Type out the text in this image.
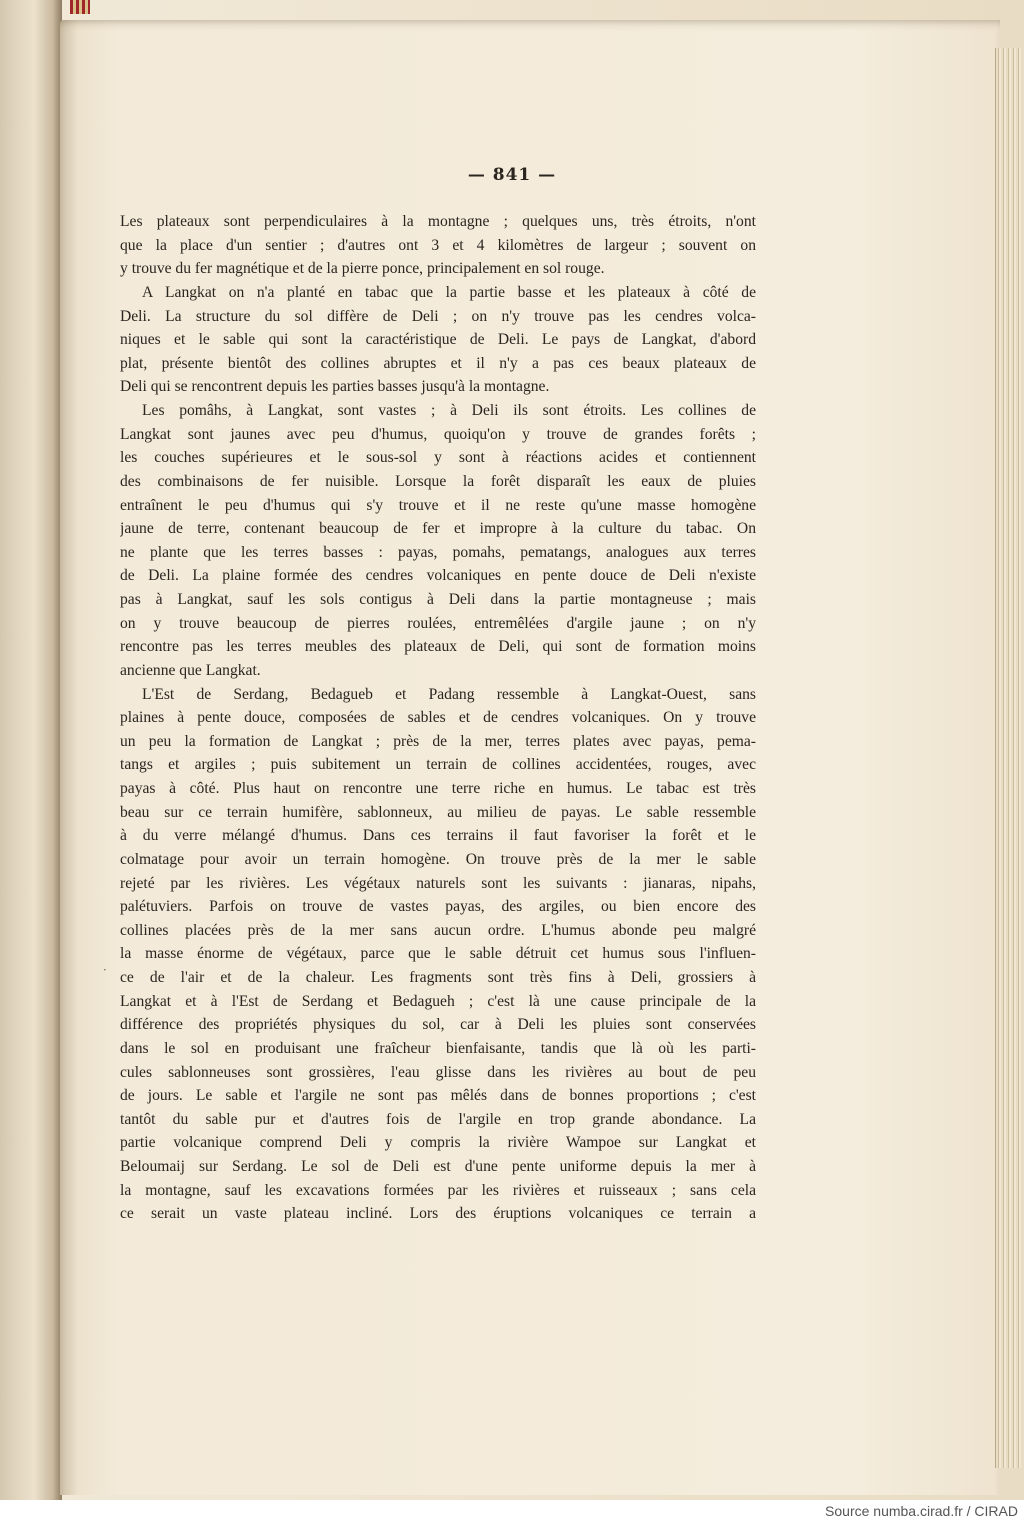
— 841 —
·
Les plateaux sont perpendiculaires à la montagne ; quelques uns, très étroits, n'ont
que la place d'un sentier ; d'autres ont 3 et 4 kilomètres de largeur ; souvent on
y trouve du fer magnétique et de la pierre ponce, principalement en sol rouge.
A Langkat on n'a planté en tabac que la partie basse et les plateaux à côté de
Deli. La structure du sol diffère de Deli ; on n'y trouve pas les cendres volca-
niques et le sable qui sont la caractéristique de Deli. Le pays de Langkat, d'abord
plat, présente bientôt des collines abruptes et il n'y a pas ces beaux plateaux de
Deli qui se rencontrent depuis les parties basses jusqu'à la montagne.
Les pomâhs, à Langkat, sont vastes ; à Deli ils sont étroits. Les collines de
Langkat sont jaunes avec peu d'humus, quoiqu'on y trouve de grandes forêts ;
les couches supérieures et le sous-sol y sont à réactions acides et contiennent
des combinaisons de fer nuisible. Lorsque la forêt disparaît les eaux de pluies
entraînent le peu d'humus qui s'y trouve et il ne reste qu'une masse homogène
jaune de terre, contenant beaucoup de fer et impropre à la culture du tabac. On
ne plante que les terres basses : payas, pomahs, pematangs, analogues aux terres
de Deli. La plaine formée des cendres volcaniques en pente douce de Deli n'existe
pas à Langkat, sauf les sols contigus à Deli dans la partie montagneuse ; mais
on y trouve beaucoup de pierres roulées, entremêlées d'argile jaune ; on n'y
rencontre pas les terres meubles des plateaux de Deli, qui sont de formation moins
ancienne que Langkat.
L'Est de Serdang, Bedagueb et Padang ressemble à Langkat-Ouest, sans
plaines à pente douce, composées de sables et de cendres volcaniques. On y trouve
un peu la formation de Langkat ; près de la mer, terres plates avec payas, pema-
tangs et argiles ; puis subitement un terrain de collines accidentées, rouges, avec
payas à côté. Plus haut on rencontre une terre riche en humus. Le tabac est très
beau sur ce terrain humifère, sablonneux, au milieu de payas. Le sable ressemble
à du verre mélangé d'humus. Dans ces terrains il faut favoriser la forêt et le
colmatage pour avoir un terrain homogène. On trouve près de la mer le sable
rejeté par les rivières. Les végétaux naturels sont les suivants : jianaras, nipahs,
palétuviers. Parfois on trouve de vastes payas, des argiles, ou bien encore des
collines placées près de la mer sans aucun ordre. L'humus abonde peu malgré
la masse énorme de végétaux, parce que le sable détruit cet humus sous l'influen-
ce de l'air et de la chaleur. Les fragments sont très fins à Deli, grossiers à
Langkat et à l'Est de Serdang et Bedagueh ; c'est là une cause principale de la
différence des propriétés physiques du sol, car à Deli les pluies sont conservées
dans le sol en produisant une fraîcheur bienfaisante, tandis que là où les parti-
cules sablonneuses sont grossières, l'eau glisse dans les rivières au bout de peu
de jours. Le sable et l'argile ne sont pas mêlés dans de bonnes proportions ; c'est
tantôt du sable pur et d'autres fois de l'argile en trop grande abondance. La
partie volcanique comprend Deli y compris la rivière Wampoe sur Langkat et
Beloumaij sur Serdang. Le sol de Deli est d'une pente uniforme depuis la mer à
la montagne, sauf les excavations formées par les rivières et ruisseaux ; sans cela
ce serait un vaste plateau incliné. Lors des éruptions volcaniques ce terrain a
Source numba.cirad.fr / CIRAD
